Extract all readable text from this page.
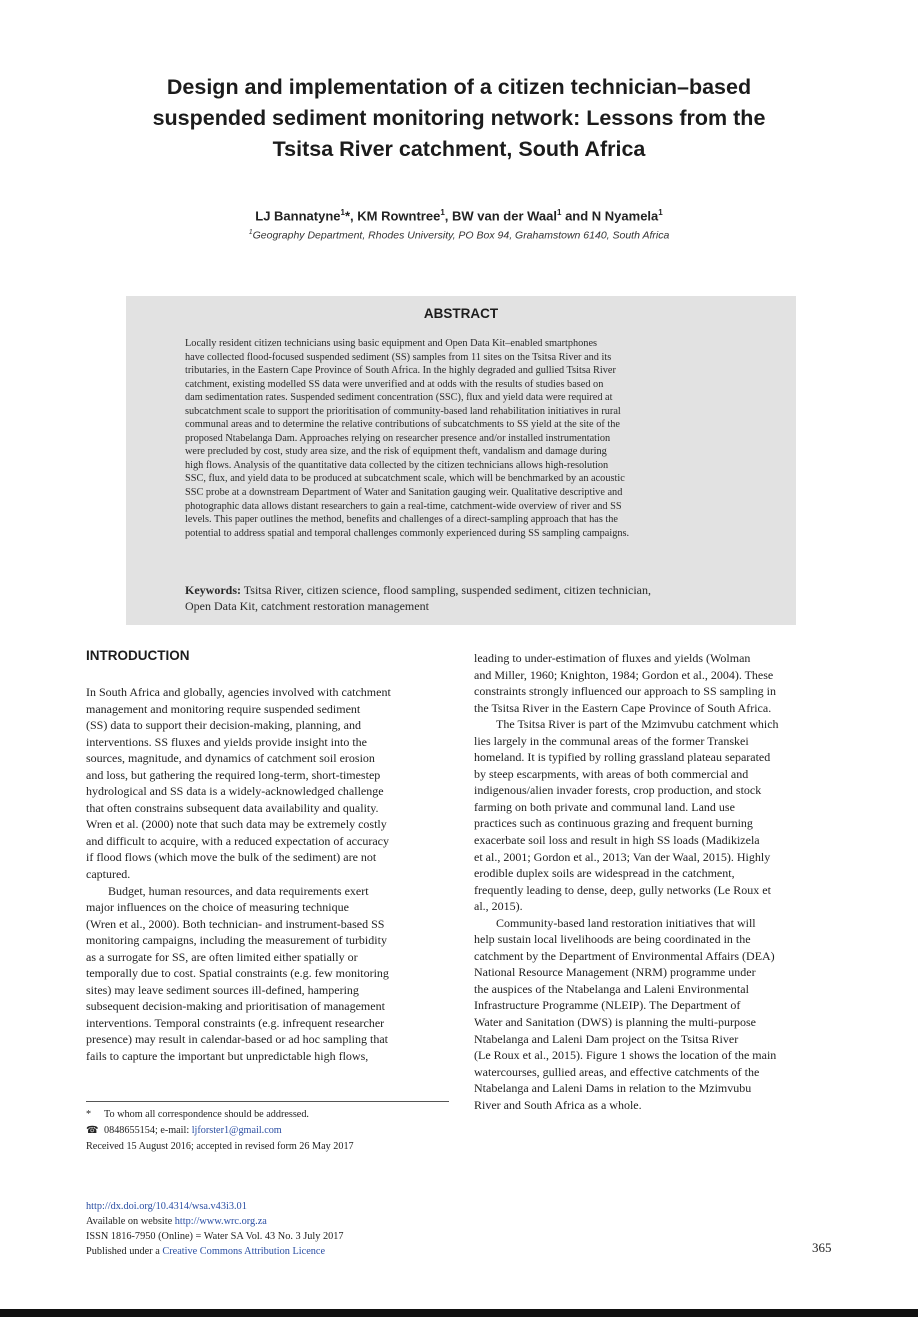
Design and implementation of a citizen technician–based
suspended sediment monitoring network: Lessons from the
Tsitsa River catchment, South Africa
LJ Bannatyne$^1$*, KM Rowntree$^1$, BW van der Waal$^1$ and N Nyamela$^1$
$^1$Geography Department, Rhodes University, PO Box 94, Grahamstown 6140, South Africa
ABSTRACT
Locally resident citizen technicians using basic equipment and Open Data Kit–enabled smartphones
have collected flood-focused suspended sediment (SS) samples from 11 sites on the Tsitsa River and its
tributaries, in the Eastern Cape Province of South Africa. In the highly degraded and gullied Tsitsa River
catchment, existing modelled SS data were unverified and at odds with the results of studies based on
dam sedimentation rates. Suspended sediment concentration (SSC), flux and yield data were required at
subcatchment scale to support the prioritisation of community-based land rehabilitation initiatives in rural
communal areas and to determine the relative contributions of subcatchments to SS yield at the site of the
proposed Ntabelanga Dam. Approaches relying on researcher presence and/or installed instrumentation
were precluded by cost, study area size, and the risk of equipment theft, vandalism and damage during
high flows. Analysis of the quantitative data collected by the citizen technicians allows high-resolution
SSC, flux, and yield data to be produced at subcatchment scale, which will be benchmarked by an acoustic
SSC probe at a downstream Department of Water and Sanitation gauging weir. Qualitative descriptive and
photographic data allows distant researchers to gain a real-time, catchment-wide overview of river and SS
levels. This paper outlines the method, benefits and challenges of a direct-sampling approach that has the
potential to address spatial and temporal challenges commonly experienced during SS sampling campaigns.
Keywords: Tsitsa River, citizen science, flood sampling, suspended sediment, citizen technician,
Open Data Kit, catchment restoration management
INTRODUCTION
In South Africa and globally, agencies involved with catchment
management and monitoring require suspended sediment
(SS) data to support their decision-making, planning, and
interventions. SS fluxes and yields provide insight into the
sources, magnitude, and dynamics of catchment soil erosion
and loss, but gathering the required long-term, short-timestep
hydrological and SS data is a widely-acknowledged challenge
that often constrains subsequent data availability and quality.
Wren et al. (2000) note that such data may be extremely costly
and difficult to acquire, with a reduced expectation of accuracy
if flood flows (which move the bulk of the sediment) are not
captured.
Budget, human resources, and data requirements exert
major influences on the choice of measuring technique
(Wren et al., 2000). Both technician- and instrument-based SS
monitoring campaigns, including the measurement of turbidity
as a surrogate for SS, are often limited either spatially or
temporally due to cost. Spatial constraints (e.g. few monitoring
sites) may leave sediment sources ill-defined, hampering
subsequent decision-making and prioritisation of management
interventions. Temporal constraints (e.g. infrequent researcher
presence) may result in calendar-based or ad hoc sampling that
fails to capture the important but unpredictable high flows,
leading to under-estimation of fluxes and yields (Wolman
and Miller, 1960; Knighton, 1984; Gordon et al., 2004). These
constraints strongly influenced our approach to SS sampling in
the Tsitsa River in the Eastern Cape Province of South Africa.
The Tsitsa River is part of the Mzimvubu catchment which
lies largely in the communal areas of the former Transkei
homeland. It is typified by rolling grassland plateau separated
by steep escarpments, with areas of both commercial and
indigenous/alien invader forests, crop production, and stock
farming on both private and communal land. Land use
practices such as continuous grazing and frequent burning
exacerbate soil loss and result in high SS loads (Madikizela
et al., 2001; Gordon et al., 2013; Van der Waal, 2015). Highly
erodible duplex soils are widespread in the catchment,
frequently leading to dense, deep, gully networks (Le Roux et
al., 2015).
Community-based land restoration initiatives that will
help sustain local livelihoods are being coordinated in the
catchment by the Department of Environmental Affairs (DEA)
National Resource Management (NRM) programme under
the auspices of the Ntabelanga and Laleni Environmental
Infrastructure Programme (NLEIP). The Department of
Water and Sanitation (DWS) is planning the multi-purpose
Ntabelanga and Laleni Dam project on the Tsitsa River
(Le Roux et al., 2015). Figure 1 shows the location of the main
watercourses, gullied areas, and effective catchments of the
Ntabelanga and Laleni Dams in relation to the Mzimvubu
River and South Africa as a whole.
* To whom all correspondence should be addressed.
☎ 0848655154; e-mail: ljforster1@gmail.com
Received 15 August 2016; accepted in revised form 26 May 2017
http://dx.doi.org/10.4314/wsa.v43i3.01
Available on website http://www.wrc.org.za
ISSN 1816-7950 (Online) = Water SA Vol. 43 No. 3 July 2017
Published under a Creative Commons Attribution Licence	365
